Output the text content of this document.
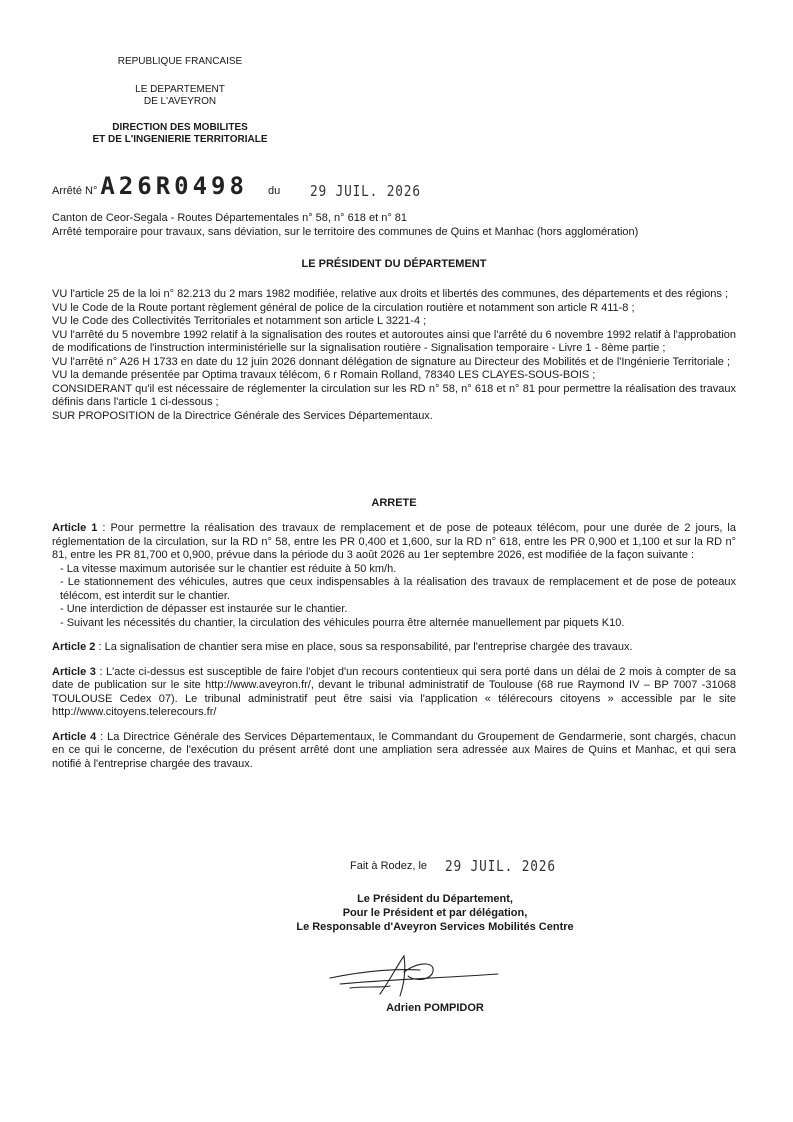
REPUBLIQUE FRANCAISE
LE DEPARTEMENT
DE L'AVEYRON
DIRECTION DES MOBILITES
ET DE L'INGENIERIE TERRITORIALE
Arrêté N° A26R0498 du 29 JUIL. 2026
Canton de Ceor-Segala - Routes Départementales n° 58, n° 618 et n° 81
Arrêté temporaire pour travaux, sans déviation, sur le territoire des communes de Quins et Manhac (hors agglomération)
LE PRÉSIDENT DU DÉPARTEMENT

VU l'article 25 de la loi n° 82.213 du 2 mars 1982 modifiée, relative aux droits et libertés des communes, des départements et des régions ;

VU le Code de la Route portant règlement général de police de la circulation routière et notamment son article R 411-8 ;

VU le Code des Collectivités Territoriales et notamment son article L 3221-4 ;

VU l'arrêté du 5 novembre 1992 relatif à la signalisation des routes et autoroutes ainsi que l'arrêté du 6 novembre 1992 relatif à l'approbation de modifications de l'instruction interministérielle sur la signalisation routière - Signalisation temporaire - Livre 1 - 8ème partie ;

VU l'arrêté n° A26 H 1733 en date du 12 juin 2026 donnant délégation de signature au Directeur des Mobilités et de l'Ingénierie Territoriale ;

VU la demande présentée par Optima travaux télécom, 6 r Romain Rolland, 78340 LES CLAYES-SOUS-BOIS ;

CONSIDERANT qu'il est nécessaire de réglementer la circulation sur les RD n° 58, n° 618 et n° 81 pour permettre la réalisation des travaux définis dans l'article 1 ci-dessous ;

SUR PROPOSITION de la Directrice Générale des Services Départementaux.

ARRETE

Article 1 : Pour permettre la réalisation des travaux de remplacement et de pose de poteaux télécom, pour une durée de 2 jours, la réglementation de la circulation, sur la RD n° 58, entre les PR 0,400 et 1,600, sur la RD n° 618, entre les PR 0,900 et 1,100 et sur la RD n° 81, entre les PR 81,700 et 0,900, prévue dans la période du 3 août 2026 au 1er septembre 2026, est modifiée de la façon suivante :

- La vitesse maximum autorisée sur le chantier est réduite à 50 km/h.
- Le stationnement des véhicules, autres que ceux indispensables à la réalisation des travaux de remplacement et de pose de poteaux télécom, est interdit sur le chantier.
- Une interdiction de dépasser est instaurée sur le chantier.
- Suivant les nécessités du chantier, la circulation des véhicules pourra être alternée manuellement par piquets K10.

Article 2 : La signalisation de chantier sera mise en place, sous sa responsabilité, par l'entreprise chargée des travaux.

Article 3 : L'acte ci-dessus est susceptible de faire l'objet d'un recours contentieux qui sera porté dans un délai de 2 mois à compter de sa date de publication sur le site http://www.aveyron.fr/, devant le tribunal administratif de Toulouse (68 rue Raymond IV – BP 7007 -31068 TOULOUSE Cedex 07). Le tribunal administratif peut être saisi via l'application « télérecours citoyens » accessible par le site http://www.citoyens.telerecours.fr/

Article 4 : La Directrice Générale des Services Départementaux, le Commandant du Groupement de Gendarmerie, sont chargés, chacun en ce qui le concerne, de l'exécution du présent arrêté dont une ampliation sera adressée aux Maires de Quins et Manhac, et qui sera notifié à l'entreprise chargée des travaux.

Fait à Rodez, le 29 JUIL. 2026
Le Président du Département,
Pour le Président et par délégation,
Le Responsable d'Aveyron Services Mobilités Centre
Adrien POMPIDOR
